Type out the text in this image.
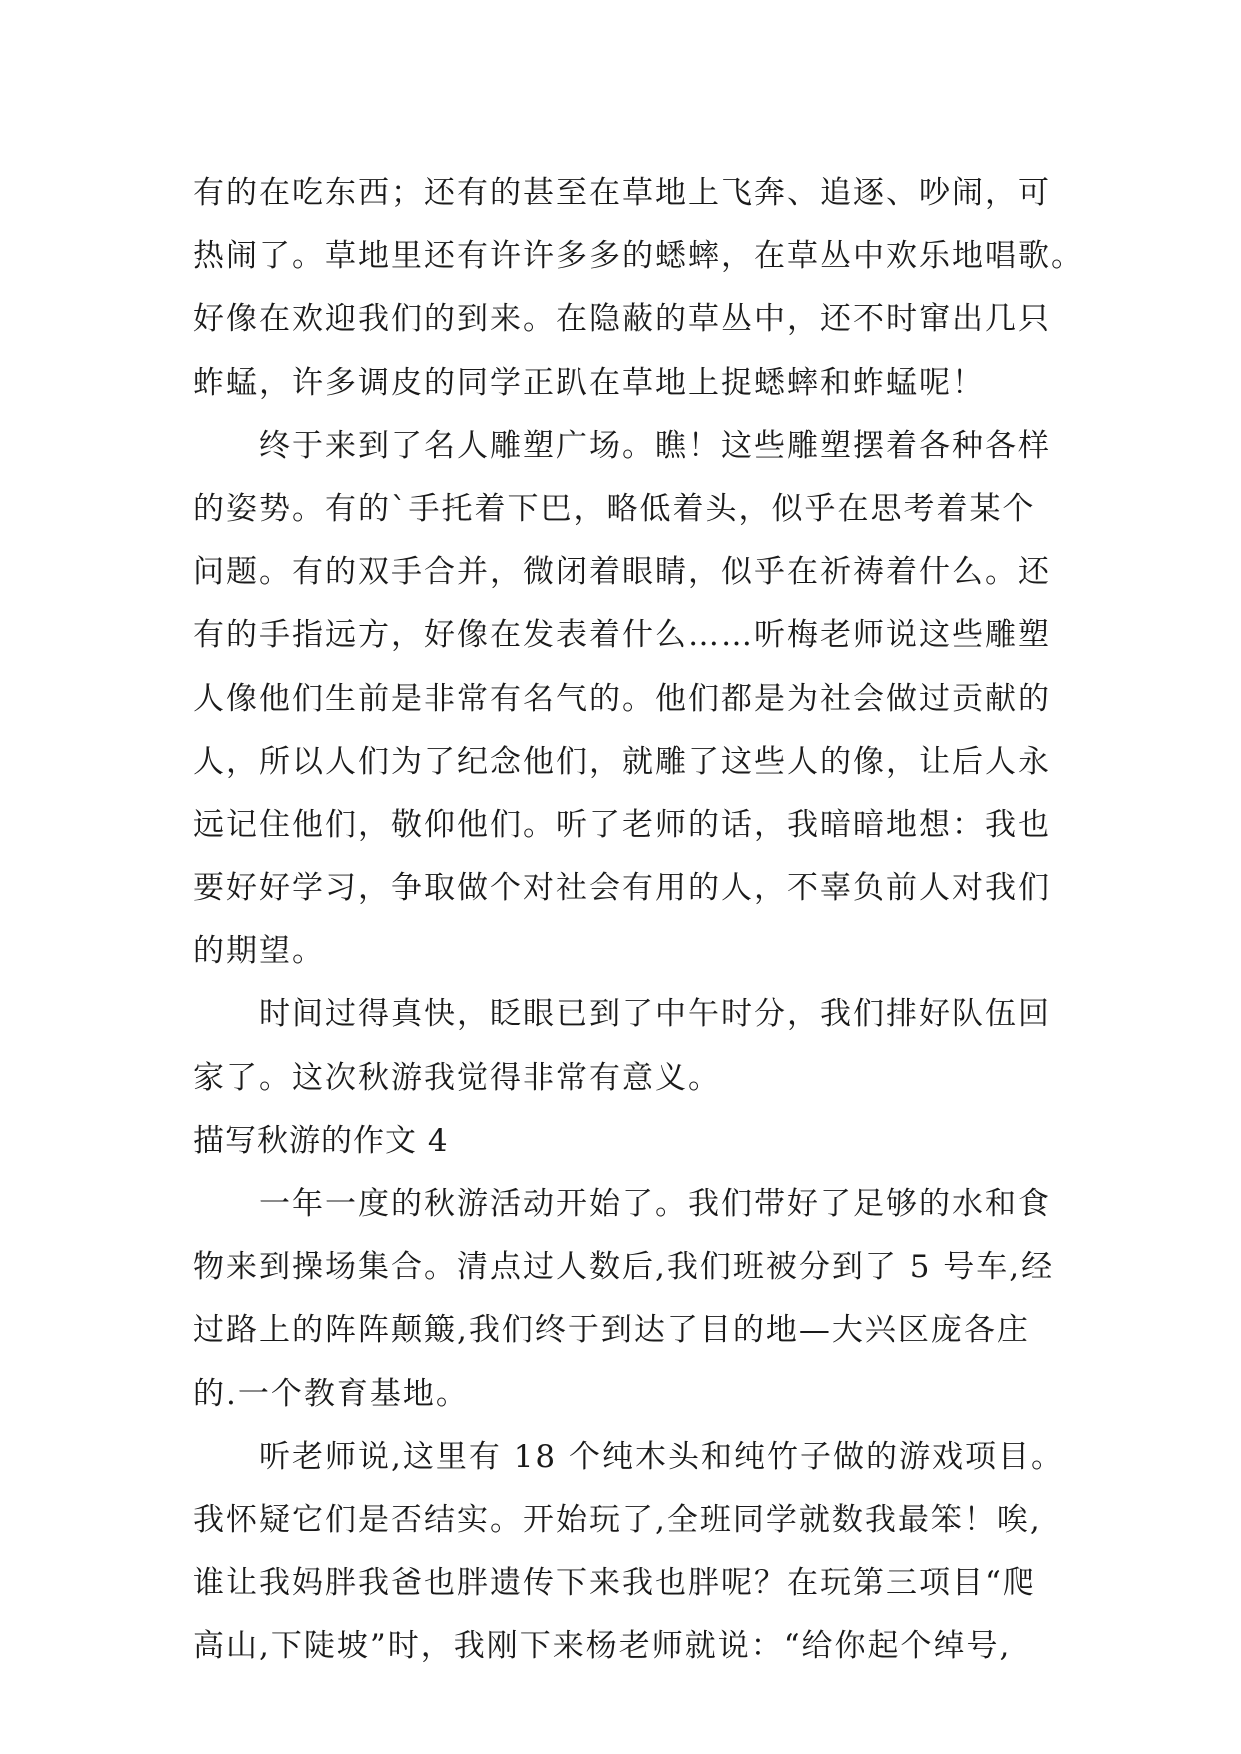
有的在吃东西；还有的甚至在草地上飞奔、追逐、吵闹，可
热闹了。草地里还有许许多多的蟋蟀，在草丛中欢乐地唱歌。
好像在欢迎我们的到来。在隐蔽的草丛中，还不时窜出几只
蚱蜢，许多调皮的同学正趴在草地上捉蟋蟀和蚱蜢呢！
终于来到了名人雕塑广场。瞧！这些雕塑摆着各种各样
的姿势。有的`手托着下巴，略低着头，似乎在思考着某个
问题。有的双手合并，微闭着眼睛，似乎在祈祷着什么。还
有的手指远方，好像在发表着什么……听梅老师说这些雕塑
人像他们生前是非常有名气的。他们都是为社会做过贡献的
人，所以人们为了纪念他们，就雕了这些人的像，让后人永
远记住他们，敬仰他们。听了老师的话，我暗暗地想：我也
要好好学习，争取做个对社会有用的人，不辜负前人对我们
的期望。
时间过得真快，眨眼已到了中午时分，我们排好队伍回
家了。这次秋游我觉得非常有意义。
描写秋游的作文 4
一年一度的秋游活动开始了。我们带好了足够的水和食
物来到操场集合。清点过人数后,我们班被分到了 5 号车,经
过路上的阵阵颠簸,我们终于到达了目的地—大兴区庞各庄
的.一个教育基地。
听老师说,这里有 18 个纯木头和纯竹子做的游戏项目。
我怀疑它们是否结实。开始玩了,全班同学就数我最笨！唉,
谁让我妈胖我爸也胖遗传下来我也胖呢？在玩第三项目“爬
高山,下陡坡”时，我刚下来杨老师就说：“给你起个绰号,
